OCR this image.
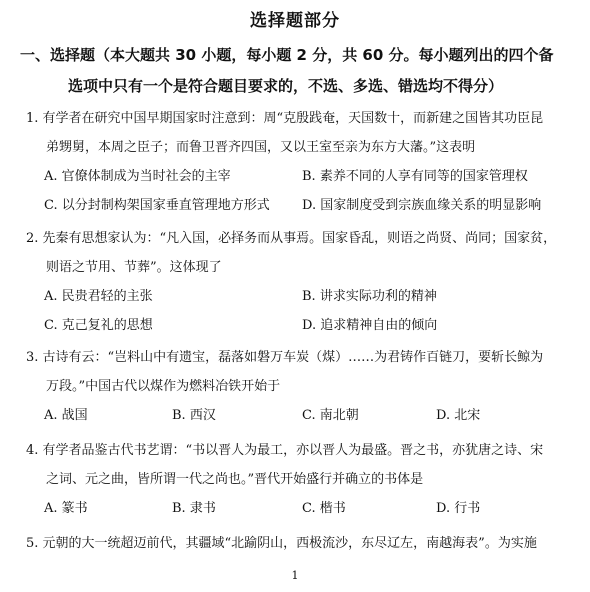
选择题部分
一、选择题（本大题共 30 小题，每小题 2 分，共 60 分。每小题列出的四个备
选项中只有一个是符合题目要求的，不选、多选、错选均不得分）
1. 有学者在研究中国早期国家时注意到：周“克殷践奄，天国数十，而新建之国皆其功臣昆
弟甥舅，本周之臣子；而鲁卫晋齐四国，又以王室至亲为东方大藩。”这表明
A. 官僚体制成为当时社会的主宰	B. 素养不同的人享有同等的国家管理权
C. 以分封制构架国家垂直管理地方形式 D. 国家制度受到宗族血缘关系的明显影响
2. 先秦有思想家认为：“凡入国，必择务而从事焉。国家昏乱，则语之尚贤、尚同；国家贫，
则语之节用、节葬”。这体现了
A. 民贵君轻的主张	B. 讲求实际功利的精神
C. 克己复礼的思想	D. 追求精神自由的倾向
3. 古诗有云：“岂料山中有遗宝，磊落如磐万车炭（煤）……为君铸作百链刀，要斩长鲸为
万段。”中国古代以煤作为燃料冶铁开始于
A. 战国	B. 西汉	C. 南北朝	D. 北宋
4. 有学者品鉴古代书艺谓：“书以晋人为最工，亦以晋人为最盛。晋之书，亦犹唐之诗、宋
之词、元之曲，皆所谓一代之尚也。”晋代开始盛行并确立的书体是
A. 篆书	B. 隶书	C. 楷书	D. 行书
5. 元朝的大一统超迈前代，其疆域“北踰阴山，西极流沙，东尽辽左，南越海表”。为实施
1
